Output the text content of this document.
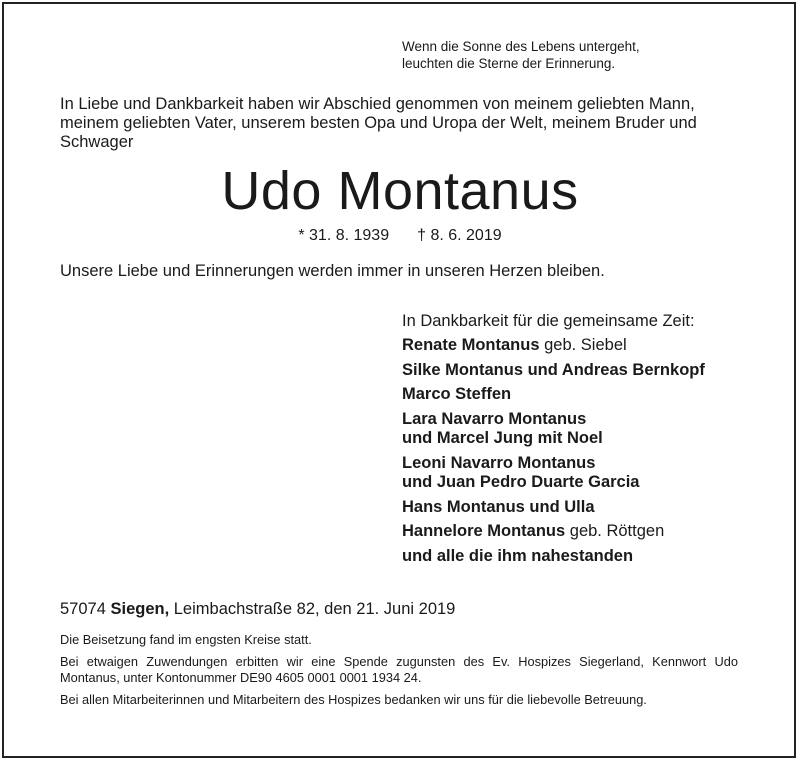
Wenn die Sonne des Lebens untergeht,
leuchten die Sterne der Erinnerung.
In Liebe und Dankbarkeit haben wir Abschied genommen von meinem geliebten Mann,
meinem geliebten Vater, unserem besten Opa und Uropa der Welt, meinem Bruder und
Schwager
Udo Montanus
* 31. 8. 1939 † 8. 6. 2019
Unsere Liebe und Erinnerungen werden immer in unseren Herzen bleiben.
In Dankbarkeit für die gemeinsame Zeit:
Renate Montanus geb. Siebel
Silke Montanus und Andreas Bernkopf
Marco Steffen
Lara Navarro Montanus
und Marcel Jung mit Noel
Leoni Navarro Montanus
und Juan Pedro Duarte Garcia
Hans Montanus und Ulla
Hannelore Montanus geb. Röttgen
und alle die ihm nahestanden
57074 Siegen, Leimbachstraße 82, den 21. Juni 2019

Die Beisetzung fand im engsten Kreise statt.

Bei etwaigen Zuwendungen erbitten wir eine Spende zugunsten des Ev. Hospizes Siegerland, Kennwort Udo Montanus, unter Kontonummer DE90 4605 0001 0001 1934 24.

Bei allen Mitarbeiterinnen und Mitarbeitern des Hospizes bedanken wir uns für die liebevolle Betreuung.
